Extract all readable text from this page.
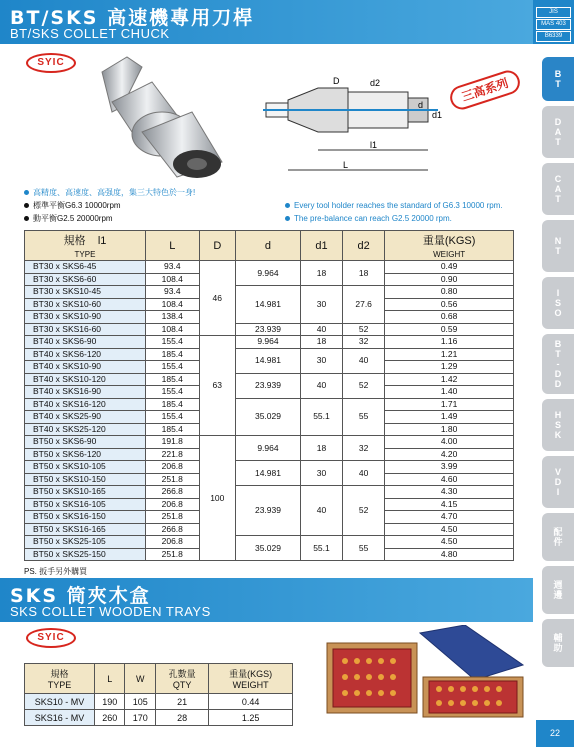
BT/SKS 高速機專用刀桿
BT/SKS COLLET CHUCK
JIS
MAS 403
B6339
SYIC
D	d2
d
d1
l1
L
三高系列
高精度、高速度、高强度，集三大特色於一身!
標準平衡G6.3 10000rpm
動平衡G2.5 20000rpm
Every tool holder reaches the standard of G6.3 10000 rpm.
The pre-balance can reach G2.5 20000 rpm.
規格 l1
TYPE	L	D	d	d1	d2	重量(KGS)
WEIGHT
BT30 x SKS6-45	93.4	46	9.964	18	18	0.49
BT30 x SKS6-60	108.4					0.90
BT30 x SKS10-45	93.4		14.981	30	27.6	0.80
BT30 x SKS10-60	108.4					0.56
BT30 x SKS10-90	138.4					0.68
BT30 x SKS16-60	108.4		23.939	40	52	0.59
BT40 x SKS6-90	155.4	63	9.964	18	32	1.16
BT40 x SKS6-120	185.4		14.981	30	40	1.21
BT40 x SKS10-90	155.4					1.29
BT40 x SKS10-120	185.4		23.939	40	52	1.42
BT40 x SKS16-90	155.4					1.40
BT40 x SKS16-120	185.4		35.029	55.1	55	1.71
BT40 x SKS25-90	155.4					1.49
BT40 x SKS25-120	185.4					1.80
BT50 x SKS6-90	191.8	100	9.964	18	32	4.00
BT50 x SKS6-120	221.8					4.20
BT50 x SKS10-105	206.8		14.981	30	40	3.99
BT50 x SKS10-150	251.8					4.60
BT50 x SKS10-165	266.8		23.939	40	52	4.30
BT50 x SKS16-105	206.8					4.15
BT50 x SKS16-150	251.8					4.70
BT50 x SKS16-165	266.8					4.50
BT50 x SKS25-105	206.8		35.029	55.1	55	4.50
BT50 x SKS25-150	251.8					4.80
PS. 扳手另外購買
SKS 筒夾木盒
SKS COLLET WOODEN TRAYS
SYIC
規格
TYPE	L	W	孔數量
QTY	重量(KGS)
WEIGHT
SKS10 - MV	190	105	21	0.44
SKS16 - MV	260	170	28	1.25
B
T
D
A
T
C
A
T
N
T
I
S
O
B
T
-
D
D
H
S
K
V
D
I
配
件
週
邊
輔
助
22
